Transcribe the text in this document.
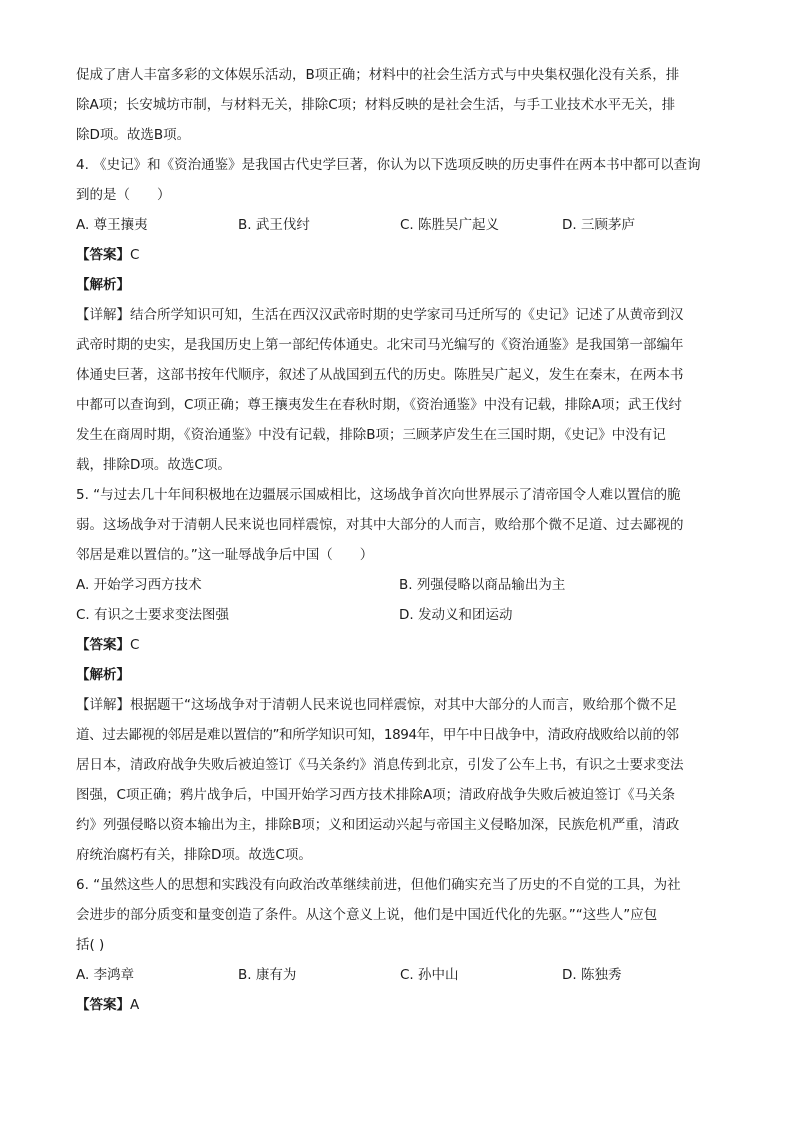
促成了唐人丰富多彩的文体娱乐活动，B项正确；材料中的社会生活方式与中央集权强化没有关系，排
除A项；长安城坊市制，与材料无关，排除C项；材料反映的是社会生活，与手工业技术水平无关，排
除D项。故选B项。
4. 《史记》和《资治通鉴》是我国古代史学巨著，你认为以下选项反映的历史事件在两本书中都可以查询
到的是（　　）
A. 尊王攘夷	B. 武王伐纣	C. 陈胜吴广起义	D. 三顾茅庐
【答案】C
【解析】
【详解】结合所学知识可知，生活在西汉汉武帝时期的史学家司马迁所写的《史记》记述了从黄帝到汉
武帝时期的史实，是我国历史上第一部纪传体通史。北宋司马光编写的《资治通鉴》是我国第一部编年
体通史巨著，这部书按年代顺序，叙述了从战国到五代的历史。陈胜吴广起义，发生在秦末，在两本书
中都可以查询到，C项正确；尊王攘夷发生在春秋时期，《资治通鉴》中没有记载，排除A项；武王伐纣
发生在商周时期，《资治通鉴》中没有记载，排除B项；三顾茅庐发生在三国时期，《史记》中没有记
载，排除D项。故选C项。
5. “与过去几十年间积极地在边疆展示国威相比，这场战争首次向世界展示了清帝国令人难以置信的脆
弱。这场战争对于清朝人民来说也同样震惊，对其中大部分的人而言，败给那个微不足道、过去鄙视的
邻居是难以置信的。”这一耻辱战争后中国（　　）
A. 开始学习西方技术	B. 列强侵略以商品输出为主
C. 有识之士要求变法图强	D. 发动义和团运动
【答案】C
【解析】
【详解】根据题干“这场战争对于清朝人民来说也同样震惊，对其中大部分的人而言，败给那个微不足
道、过去鄙视的邻居是难以置信的”和所学知识可知，1894年，甲午中日战争中，清政府战败给以前的邻
居日本，清政府战争失败后被迫签订《马关条约》消息传到北京，引发了公车上书，有识之士要求变法
图强，C项正确；鸦片战争后，中国开始学习西方技术排除A项；清政府战争失败后被迫签订《马关条
约》列强侵略以资本输出为主，排除B项；义和团运动兴起与帝国主义侵略加深，民族危机严重，清政
府统治腐朽有关，排除D项。故选C项。
6. “虽然这些人的思想和实践没有向政治改革继续前进，但他们确实充当了历史的不自觉的工具，为社
会进步的部分质变和量变创造了条件。从这个意义上说，他们是中国近代化的先驱。”“这些人”应包
括( )
A. 李鸿章	B. 康有为	C. 孙中山	D. 陈独秀
【答案】A
